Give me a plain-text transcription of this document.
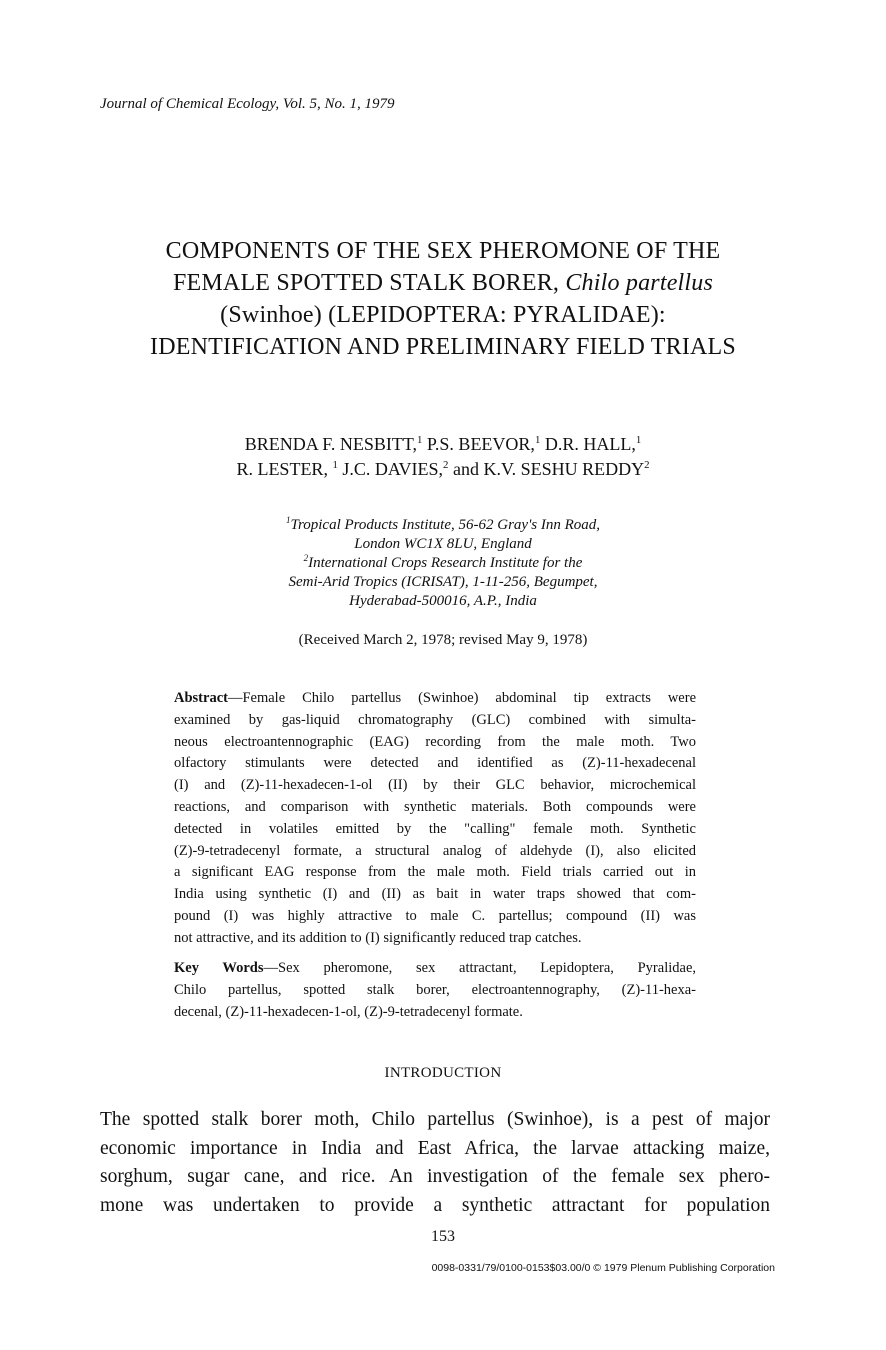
Journal of Chemical Ecology, Vol. 5, No. 1, 1979
COMPONENTS OF THE SEX PHEROMONE OF THE
FEMALE SPOTTED STALK BORER, Chilo partellus
(Swinhoe) (LEPIDOPTERA: PYRALIDAE):
IDENTIFICATION AND PRELIMINARY FIELD TRIALS
BRENDA F. NESBITT,$^1$ P.S. BEEVOR,$^1$ D.R. HALL,$^1$
R. LESTER, $^1$ J.C. DAVIES,$^2$ and K.V. SESHU REDDY$^2$
$^1$Tropical Products Institute, 56-62 Gray's Inn Road,
London WC1X 8LU, England
$^2$International Crops Research Institute for the
Semi-Arid Tropics (ICRISAT), 1-11-256, Begumpet,
Hyderabad-500016, A.P., India
(Received March 2, 1978; revised May 9, 1978)
Abstract—Female Chilo partellus (Swinhoe) abdominal tip extracts were
examined by gas-liquid chromatography (GLC) combined with simulta-
neous electroantennographic (EAG) recording from the male moth. Two
olfactory stimulants were detected and identified as (Z)-11-hexadecenal
(I) and (Z)-11-hexadecen-1-ol (II) by their GLC behavior, microchemical
reactions, and comparison with synthetic materials. Both compounds were
detected in volatiles emitted by the "calling" female moth. Synthetic
(Z)-9-tetradecenyl formate, a structural analog of aldehyde (I), also elicited
a significant EAG response from the male moth. Field trials carried out in
India using synthetic (I) and (II) as bait in water traps showed that com-
pound (I) was highly attractive to male C. partellus; compound (II) was
not attractive, and its addition to (I) significantly reduced trap catches.
Key Words—Sex pheromone, sex attractant, Lepidoptera, Pyralidae,
Chilo partellus, spotted stalk borer, electroantennography, (Z)-11-hexa-
decenal, (Z)-11-hexadecen-1-ol, (Z)-9-tetradecenyl formate.
INTRODUCTION
The spotted stalk borer moth, Chilo partellus (Swinhoe), is a pest of major
economic importance in India and East Africa, the larvae attacking maize,
sorghum, sugar cane, and rice. An investigation of the female sex phero-
mone was undertaken to provide a synthetic attractant for population
153
0098-0331/79/0100-0153$03.00/0 © 1979 Plenum Publishing Corporation
